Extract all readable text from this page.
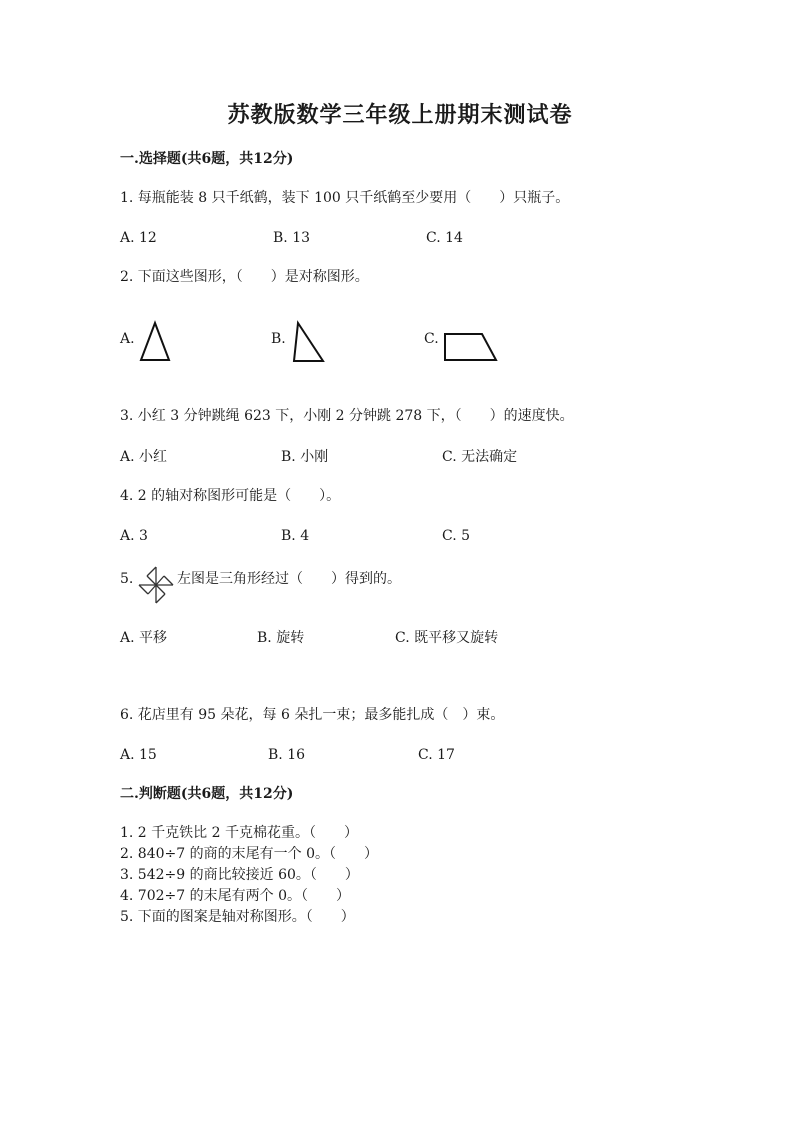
苏教版数学三年级上册期末测试卷
一.选择题(共6题，共12分)
1. 每瓶能装 8 只千纸鹤，装下 100 只千纸鹤至少要用（　　）只瓶子。
A. 12	B. 13	C. 14
2. 下面这些图形，（　　）是对称图形。
A.	B.	C.
3. 小红 3 分钟跳绳 623 下，小刚 2 分钟跳 278 下，（　　）的速度快。
A. 小红	B. 小刚	C. 无法确定
4. 2 的轴对称图形可能是（　　）。
A. 3	B. 4	C. 5
5.	左图是三角形经过（　　）得到的。
A. 平移	B. 旋转	C. 既平移又旋转
6. 花店里有 95 朵花，每 6 朵扎一束；最多能扎成（　）束。
A. 15	B. 16	C. 17
二.判断题(共6题，共12分)
1. 2 千克铁比 2 千克棉花重。（　　）
2. 840÷7 的商的末尾有一个 0。（　　）
3. 542÷9 的商比较接近 60。（　　）
4. 702÷7 的末尾有两个 0。（　　）
5. 下面的图案是轴对称图形。（　　）
